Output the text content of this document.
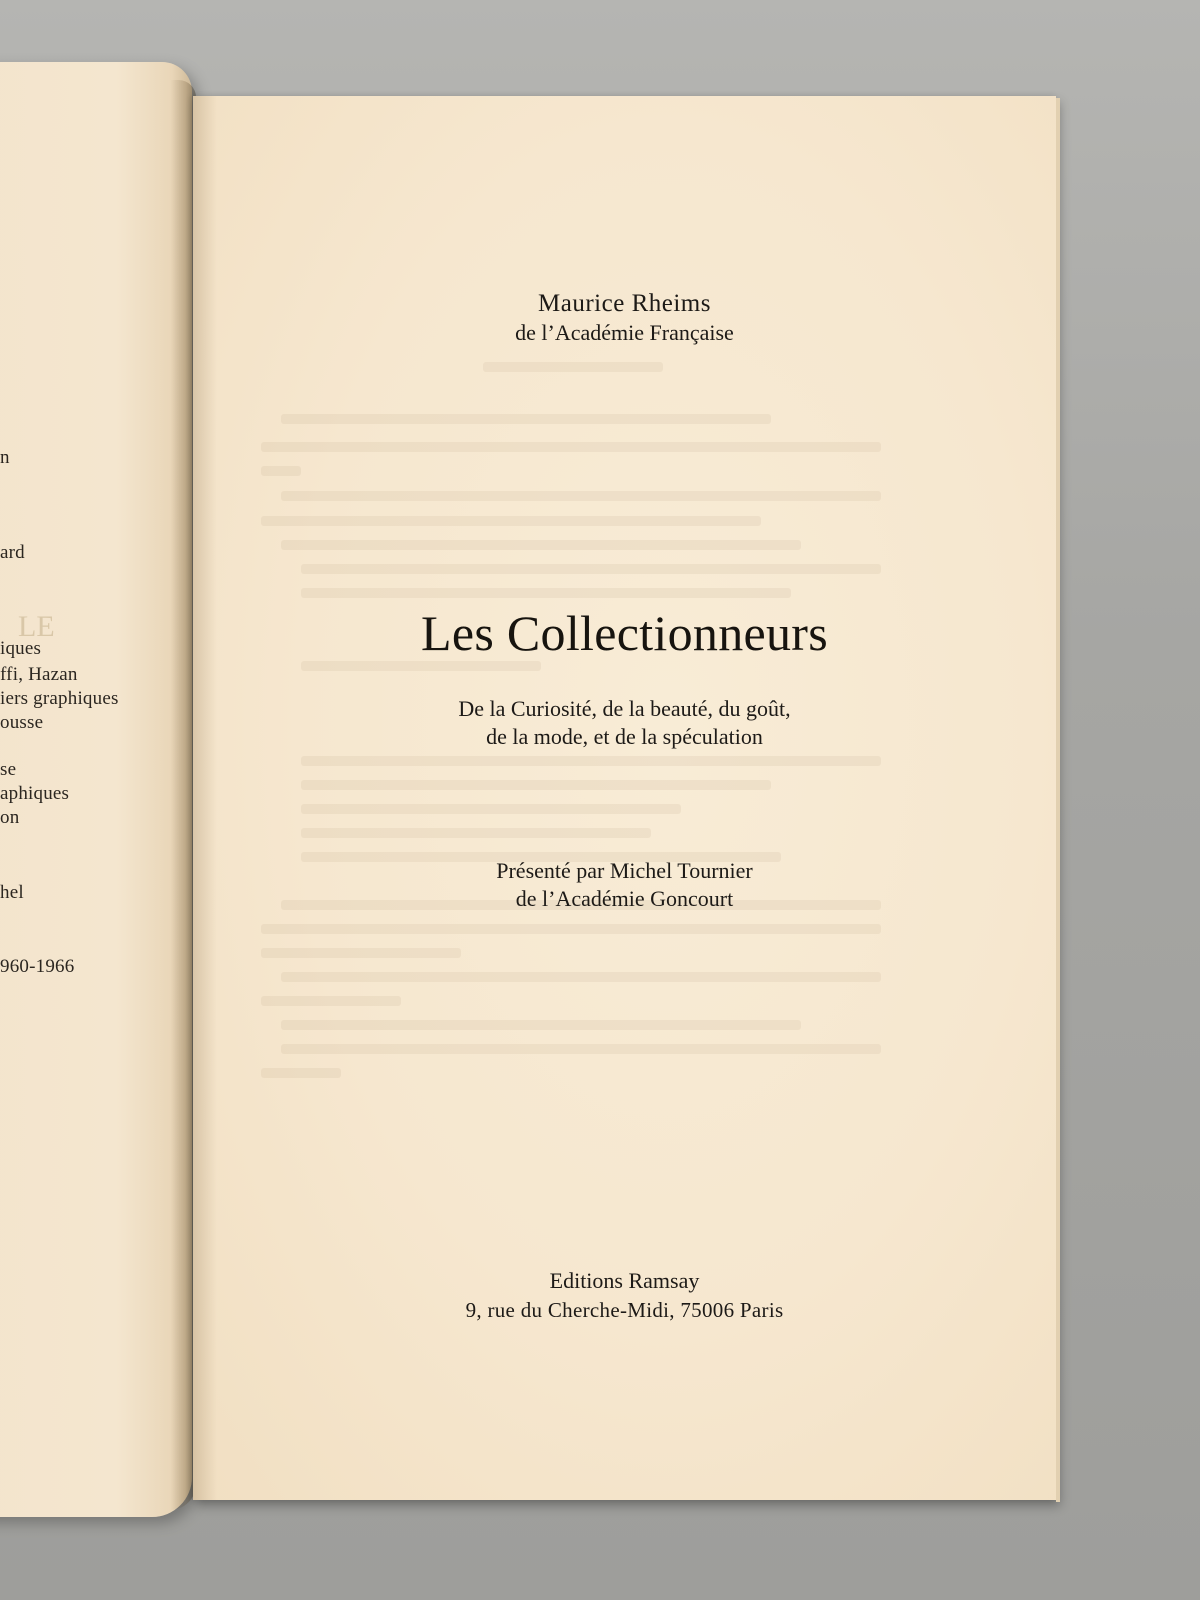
n
ard
LE
iques
ffi, Hazan
iers graphiques
ousse
se
aphiques
on
hel
960-1966
Maurice Rheims
de l’Académie Française
Les Collectionneurs
De la Curiosité, de la beauté, du goût,
de la mode, et de la spéculation
Présenté par Michel Tournier
de l’Académie Goncourt
Editions Ramsay
9, rue du Cherche-Midi, 75006 Paris
